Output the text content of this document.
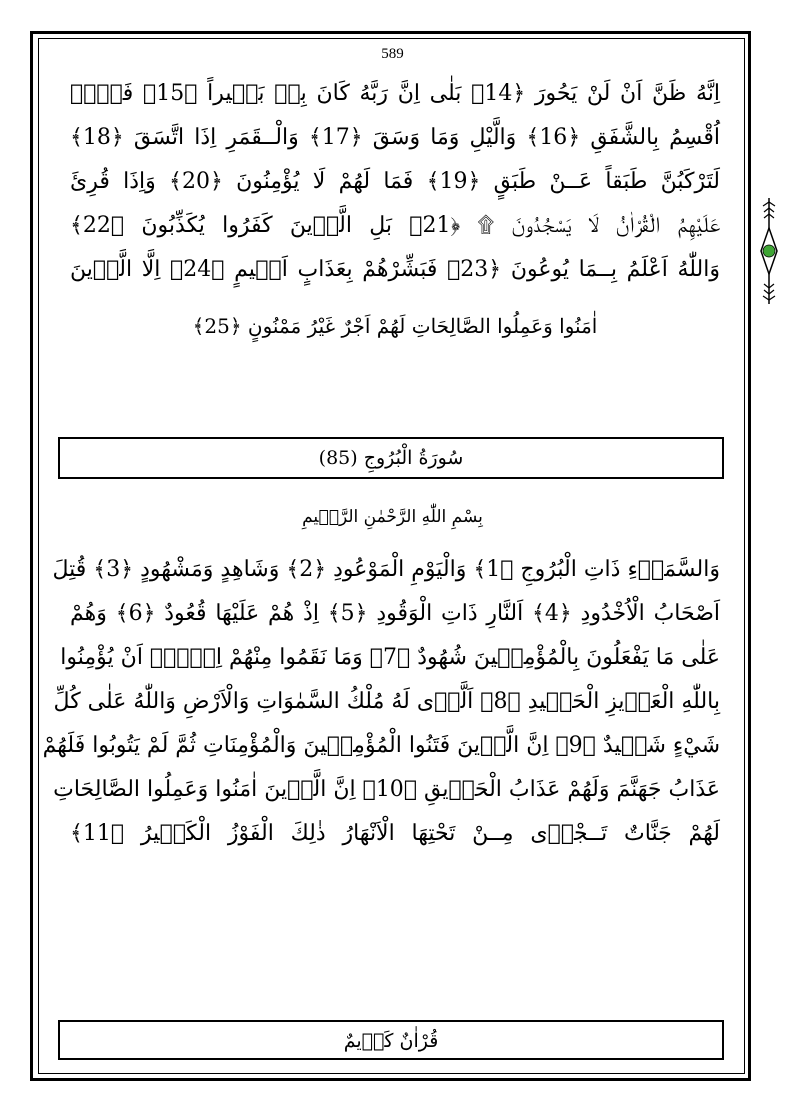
589
اِنَّهُ ظَنَّ اَنْ لَنْ يَحُورَ ﴿14﴾ بَلٰى اِنَّ رَبَّهُ كَانَ بِهٖ بَصٖيراً ﴿15﴾ فَلَاۤ
اُقْسِمُ بِالشَّفَقِ ﴿16﴾ وَالَّيْلِ وَمَا وَسَقَ ﴿17﴾ وَالْــقَمَرِ اِذَا اتَّسَقَ ﴿18﴾
لَتَرْكَبُنَّ طَبَقاً عَــنْ طَبَقٍ ﴿19﴾ فَمَا لَهُمْ لَا يُؤْمِنُونَ ﴿20﴾ وَاِذَا قُرِئَ
عَلَيْهِمُ الْقُرْاٰنُ لَا يَسْجُدُونَ ۩ ﴿21﴾ بَلِ الَّذٖينَ كَفَرُوا يُكَذِّبُونَ ﴿22﴾
وَاللّٰهُ اَعْلَمُ بِــمَا يُوعُونَ ﴿23﴾ فَبَشِّرْهُمْ بِعَذَابٍ اَلٖيمٍ ﴿24﴾ اِلَّا الَّذٖينَ
اٰمَنُوا وَعَمِلُوا الصَّالِحَاتِ لَهُمْ اَجْرٌ غَيْرُ مَمْنُونٍ ﴿25﴾
سُورَةُ الْبُرُوجِ (85)
بِسْمِ اللّٰهِ الرَّحْمٰنِ الرَّحٖيمِ
وَالسَّمَاۤءِ ذَاتِ الْبُرُوجِ ﴿1﴾ وَالْيَوْمِ الْمَوْعُودِ ﴿2﴾ وَشَاهِدٍ وَمَشْهُودٍ ﴿3﴾ قُتِلَ
اَصْحَابُ الْاُخْدُودِ ﴿4﴾ اَلنَّارِ ذَاتِ الْوَقُودِ ﴿5﴾ اِذْ هُمْ عَلَيْهَا قُعُودٌ ﴿6﴾ وَهُمْ
عَلٰى مَا يَفْعَلُونَ بِالْمُؤْمِنٖينَ شُهُودٌ ﴿7﴾ وَمَا نَقَمُوا مِنْهُمْ اِلَّاۤ اَنْ يُؤْمِنُوا
بِاللّٰهِ الْعَزٖيزِ الْحَمٖيدِ ﴿8﴾ اَلَّذٖى لَهُ مُلْكُ السَّمٰوَاتِ وَالْاَرْضِ وَاللّٰهُ عَلٰى كُلِّ
شَيْءٍ شَهٖيدٌ ﴿9﴾ اِنَّ الَّذٖينَ فَتَنُوا الْمُؤْمِنٖينَ وَالْمُؤْمِنَاتِ ثُمَّ لَمْ يَتُوبُوا فَلَهُمْ
عَذَابُ جَهَنَّمَ وَلَهُمْ عَذَابُ الْحَرٖيقِ ﴿10﴾ اِنَّ الَّذٖينَ اٰمَنُوا وَعَمِلُوا الصَّالِحَاتِ
لَهُمْ جَنَّاتٌ تَــجْرٖى مِــنْ تَحْتِهَا الْاَنْهَارُ ذٰلِكَ الْفَوْزُ الْكَبٖيرُ ﴿11﴾
قُرْاٰنٌ كَرٖيمٌ
